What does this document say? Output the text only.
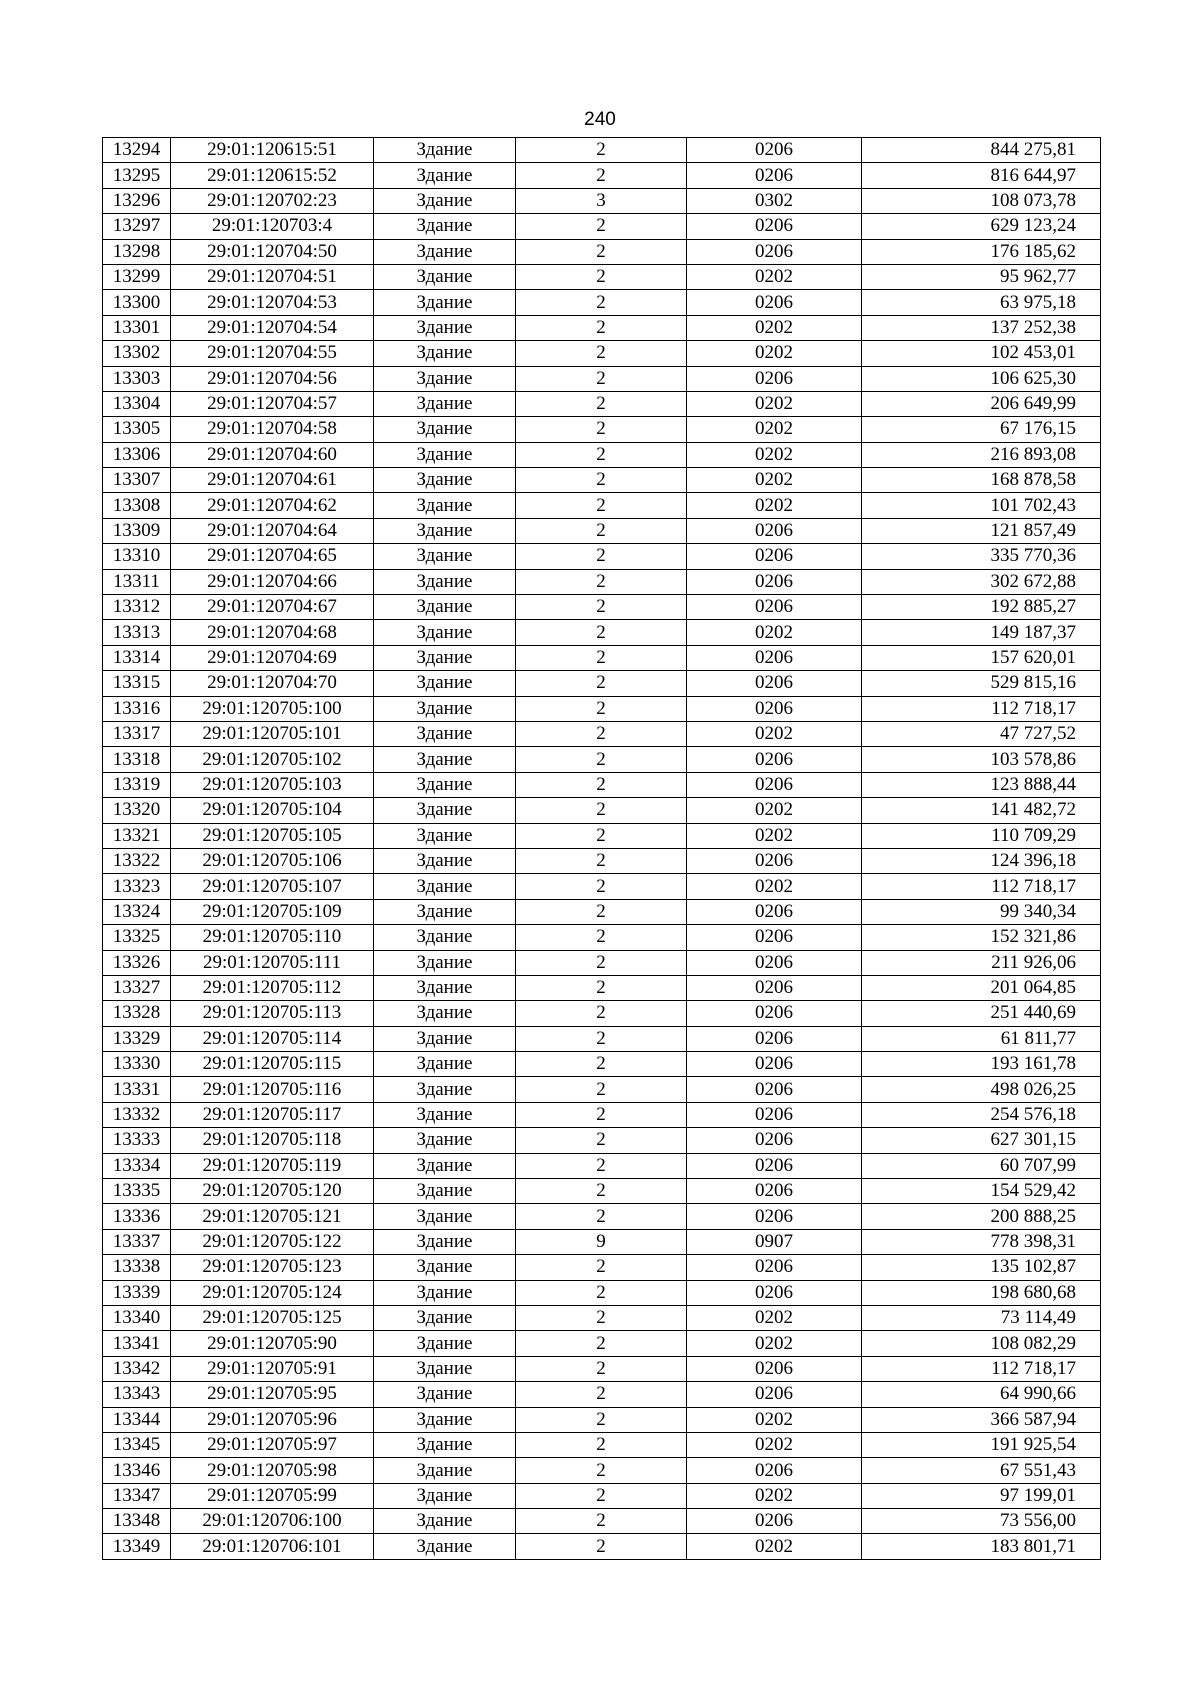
240
13294	29:01:120615:51	Здание	2	0206	844 275,81
13295	29:01:120615:52	Здание	2	0206	816 644,97
13296	29:01:120702:23	Здание	3	0302	108 073,78
13297	29:01:120703:4	Здание	2	0206	629 123,24
13298	29:01:120704:50	Здание	2	0206	176 185,62
13299	29:01:120704:51	Здание	2	0202	95 962,77
13300	29:01:120704:53	Здание	2	0206	63 975,18
13301	29:01:120704:54	Здание	2	0202	137 252,38
13302	29:01:120704:55	Здание	2	0202	102 453,01
13303	29:01:120704:56	Здание	2	0206	106 625,30
13304	29:01:120704:57	Здание	2	0202	206 649,99
13305	29:01:120704:58	Здание	2	0202	67 176,15
13306	29:01:120704:60	Здание	2	0202	216 893,08
13307	29:01:120704:61	Здание	2	0202	168 878,58
13308	29:01:120704:62	Здание	2	0202	101 702,43
13309	29:01:120704:64	Здание	2	0206	121 857,49
13310	29:01:120704:65	Здание	2	0206	335 770,36
13311	29:01:120704:66	Здание	2	0206	302 672,88
13312	29:01:120704:67	Здание	2	0206	192 885,27
13313	29:01:120704:68	Здание	2	0202	149 187,37
13314	29:01:120704:69	Здание	2	0206	157 620,01
13315	29:01:120704:70	Здание	2	0206	529 815,16
13316	29:01:120705:100	Здание	2	0206	112 718,17
13317	29:01:120705:101	Здание	2	0202	47 727,52
13318	29:01:120705:102	Здание	2	0206	103 578,86
13319	29:01:120705:103	Здание	2	0206	123 888,44
13320	29:01:120705:104	Здание	2	0202	141 482,72
13321	29:01:120705:105	Здание	2	0202	110 709,29
13322	29:01:120705:106	Здание	2	0206	124 396,18
13323	29:01:120705:107	Здание	2	0202	112 718,17
13324	29:01:120705:109	Здание	2	0206	99 340,34
13325	29:01:120705:110	Здание	2	0206	152 321,86
13326	29:01:120705:111	Здание	2	0206	211 926,06
13327	29:01:120705:112	Здание	2	0206	201 064,85
13328	29:01:120705:113	Здание	2	0206	251 440,69
13329	29:01:120705:114	Здание	2	0206	61 811,77
13330	29:01:120705:115	Здание	2	0206	193 161,78
13331	29:01:120705:116	Здание	2	0206	498 026,25
13332	29:01:120705:117	Здание	2	0206	254 576,18
13333	29:01:120705:118	Здание	2	0206	627 301,15
13334	29:01:120705:119	Здание	2	0206	60 707,99
13335	29:01:120705:120	Здание	2	0206	154 529,42
13336	29:01:120705:121	Здание	2	0206	200 888,25
13337	29:01:120705:122	Здание	9	0907	778 398,31
13338	29:01:120705:123	Здание	2	0206	135 102,87
13339	29:01:120705:124	Здание	2	0206	198 680,68
13340	29:01:120705:125	Здание	2	0202	73 114,49
13341	29:01:120705:90	Здание	2	0202	108 082,29
13342	29:01:120705:91	Здание	2	0206	112 718,17
13343	29:01:120705:95	Здание	2	0206	64 990,66
13344	29:01:120705:96	Здание	2	0202	366 587,94
13345	29:01:120705:97	Здание	2	0202	191 925,54
13346	29:01:120705:98	Здание	2	0206	67 551,43
13347	29:01:120705:99	Здание	2	0202	97 199,01
13348	29:01:120706:100	Здание	2	0206	73 556,00
13349	29:01:120706:101	Здание	2	0202	183 801,71
